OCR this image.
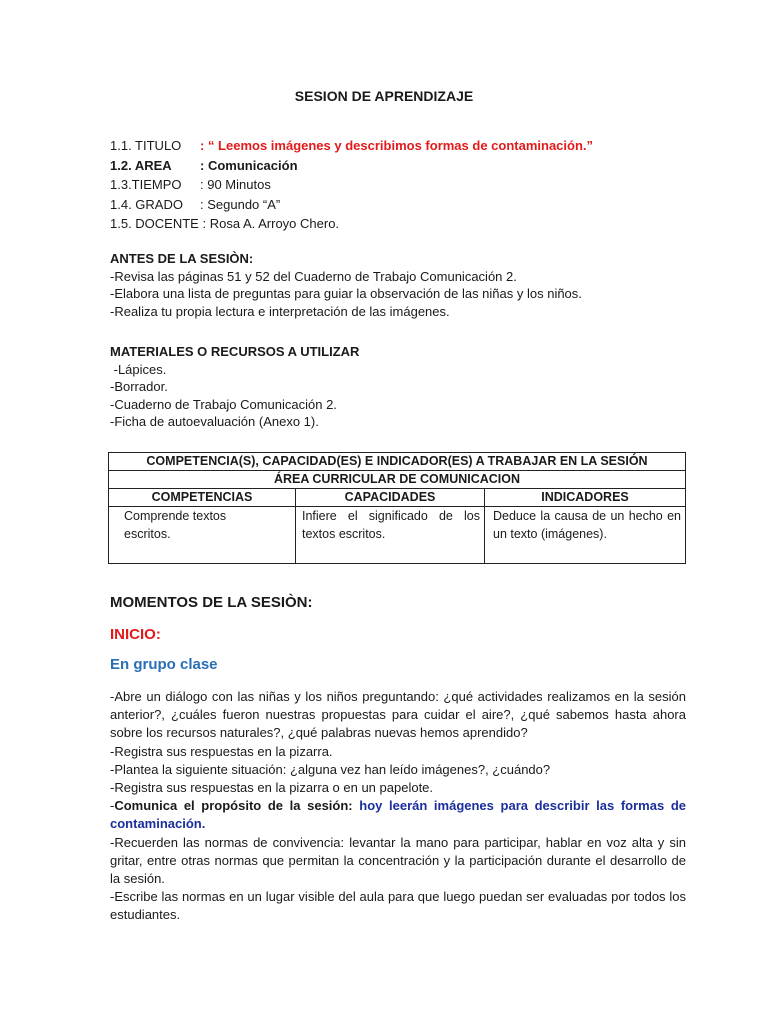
SESION DE APRENDIZAJE
1.1. TITULO : “ Leemos imágenes y describimos formas de contaminación.”
1.2. AREA : Comunicación
1.3.TIEMPO : 90 Minutos
1.4. GRADO : Segundo “A”
1.5. DOCENTE : Rosa A. Arroyo Chero.
ANTES DE LA SESIÒN:
-Revisa las páginas 51 y 52 del Cuaderno de Trabajo Comunicación 2.
-Elabora una lista de preguntas para guiar la observación de las niñas y los niños.
-Realiza tu propia lectura e interpretación de las imágenes.
MATERIALES O RECURSOS A UTILIZAR
-Lápices.
-Borrador.
-Cuaderno de Trabajo Comunicación 2.
-Ficha de autoevaluación (Anexo 1).
COMPETENCIA(S), CAPACIDAD(ES) E INDICADOR(ES) A TRABAJAR EN LA SESIÓN		
ÁREA CURRICULAR DE COMUNICACION		
COMPETENCIAS	CAPACIDADES	INDICADORES
Comprende textos escritos.	Infiere el significado de los textos escritos.	Deduce la causa de un hecho en un texto (imágenes).
MOMENTOS DE LA SESIÒN:
INICIO:
En grupo clase

-Abre un diálogo con las niñas y los niños preguntando: ¿qué actividades realizamos en la sesión anterior?, ¿cuáles fueron nuestras propuestas para cuidar el aire?, ¿qué sabemos hasta ahora sobre los recursos naturales?, ¿qué palabras nuevas hemos aprendido?

-Registra sus respuestas en la pizarra.

-Plantea la siguiente situación: ¿alguna vez han leído imágenes?, ¿cuándo?

-Registra sus respuestas en la pizarra o en un papelote.

-Comunica el propósito de la sesión: hoy leerán imágenes para describir las formas de contaminación.

-Recuerden las normas de convivencia: levantar la mano para participar, hablar en voz alta y sin gritar, entre otras normas que permitan la concentración y la participación durante el desarrollo de la sesión.

-Escribe las normas en un lugar visible del aula para que luego puedan ser evaluadas por todos los estudiantes.
